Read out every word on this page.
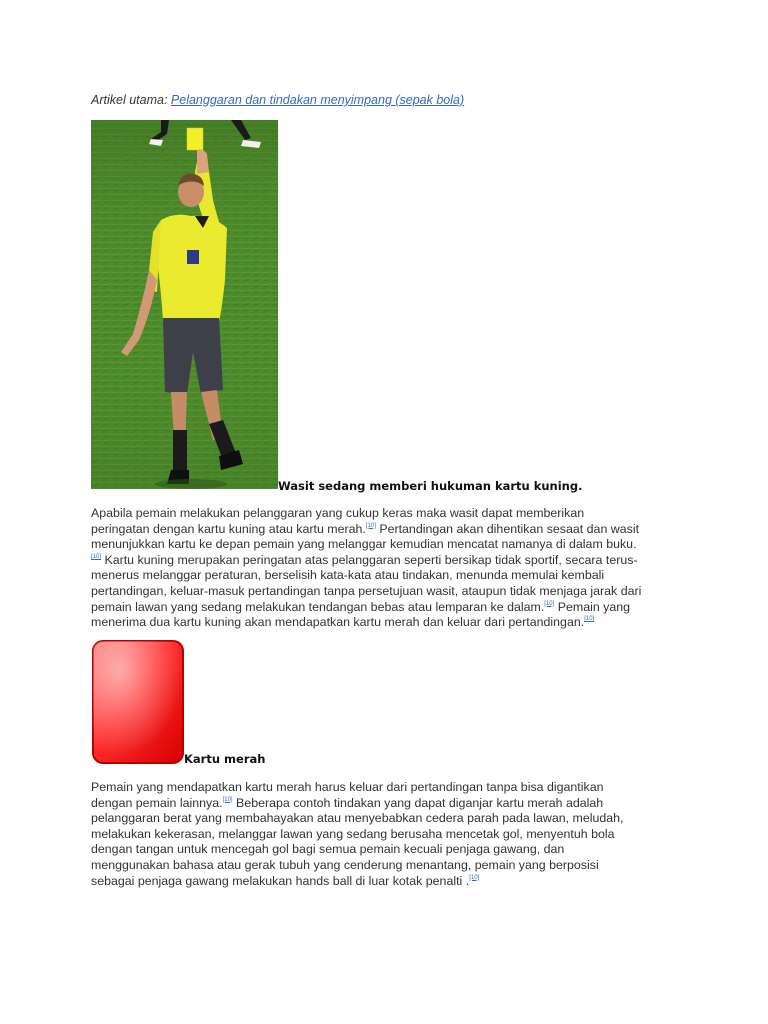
Artikel utama: Pelanggaran dan tindakan menyimpang (sepak bola)
Wasit sedang memberi hukuman kartu kuning.
Apabila pemain melakukan pelanggaran yang cukup keras maka wasit dapat memberikan
peringatan dengan kartu kuning atau kartu merah.[10] Pertandingan akan dihentikan sesaat dan wasit
menunjukkan kartu ke depan pemain yang melanggar kemudian mencatat namanya di dalam buku.
[10] Kartu kuning merupakan peringatan atas pelanggaran seperti bersikap tidak sportif, secara terus-
menerus melanggar peraturan, berselisih kata-kata atau tindakan, menunda memulai kembali
pertandingan, keluar-masuk pertandingan tanpa persetujuan wasit, ataupun tidak menjaga jarak dari
pemain lawan yang sedang melakukan tendangan bebas atau lemparan ke dalam.[10] Pemain yang
menerima dua kartu kuning akan mendapatkan kartu merah dan keluar dari pertandingan.[10]
Kartu merah
Pemain yang mendapatkan kartu merah harus keluar dari pertandingan tanpa bisa digantikan
dengan pemain lainnya.[10] Beberapa contoh tindakan yang dapat diganjar kartu merah adalah
pelanggaran berat yang membahayakan atau menyebabkan cedera parah pada lawan, meludah,
melakukan kekerasan, melanggar lawan yang sedang berusaha mencetak gol, menyentuh bola
dengan tangan untuk mencegah gol bagi semua pemain kecuali penjaga gawang, dan
menggunakan bahasa atau gerak tubuh yang cenderung menantang, pemain yang berposisi
sebagai penjaga gawang melakukan hands ball di luar kotak penalti .[10]
